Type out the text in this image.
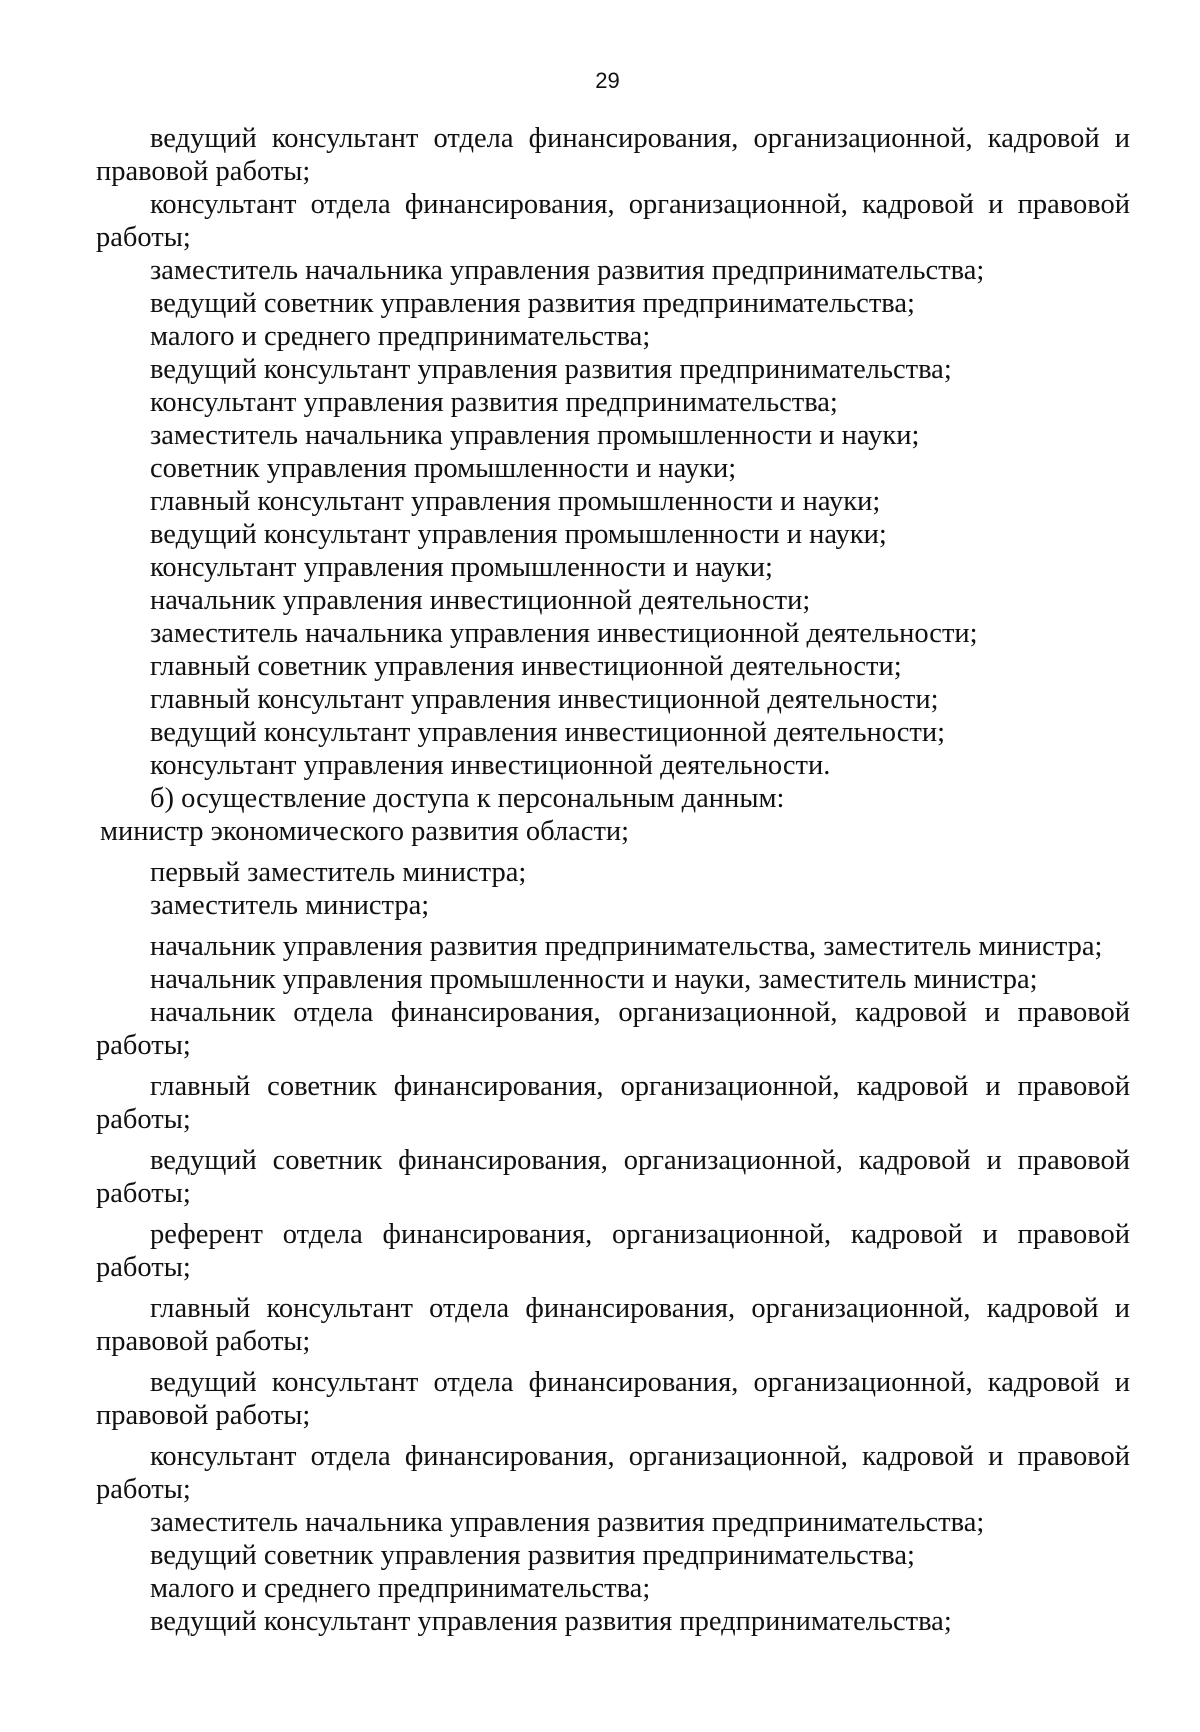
29
ведущий консультант отдела финансирования, организационной, кадровой и
правовой работы;
консультант отдела финансирования, организационной, кадровой и правовой
работы;
заместитель начальника управления развития предпринимательства;
ведущий советник управления развития предпринимательства;
малого и среднего предпринимательства;
ведущий консультант управления развития предпринимательства;
консультант управления развития предпринимательства;
заместитель начальника управления промышленности и науки;
советник управления промышленности и науки;
главный консультант управления промышленности и науки;
ведущий консультант управления промышленности и науки;
консультант управления промышленности и науки;
начальник управления инвестиционной деятельности;
заместитель начальника управления инвестиционной деятельности;
главный советник управления инвестиционной деятельности;
главный консультант управления инвестиционной деятельности;
ведущий консультант управления инвестиционной деятельности;
консультант управления инвестиционной деятельности.
б) осуществление доступа к персональным данным:
министр экономического развития области;
первый заместитель министра;
заместитель министра;
начальник управления развития предпринимательства, заместитель министра;
начальник управления промышленности и науки, заместитель министра;
начальник отдела финансирования, организационной, кадровой и правовой
работы;
главный советник финансирования, организационной, кадровой и правовой
работы;
ведущий советник финансирования, организационной, кадровой и правовой
работы;
референт отдела финансирования, организационной, кадровой и правовой
работы;
главный консультант отдела финансирования, организационной, кадровой и
правовой работы;
ведущий консультант отдела финансирования, организационной, кадровой и
правовой работы;
консультант отдела финансирования, организационной, кадровой и правовой
работы;
заместитель начальника управления развития предпринимательства;
ведущий советник управления развития предпринимательства;
малого и среднего предпринимательства;
ведущий консультант управления развития предпринимательства;
